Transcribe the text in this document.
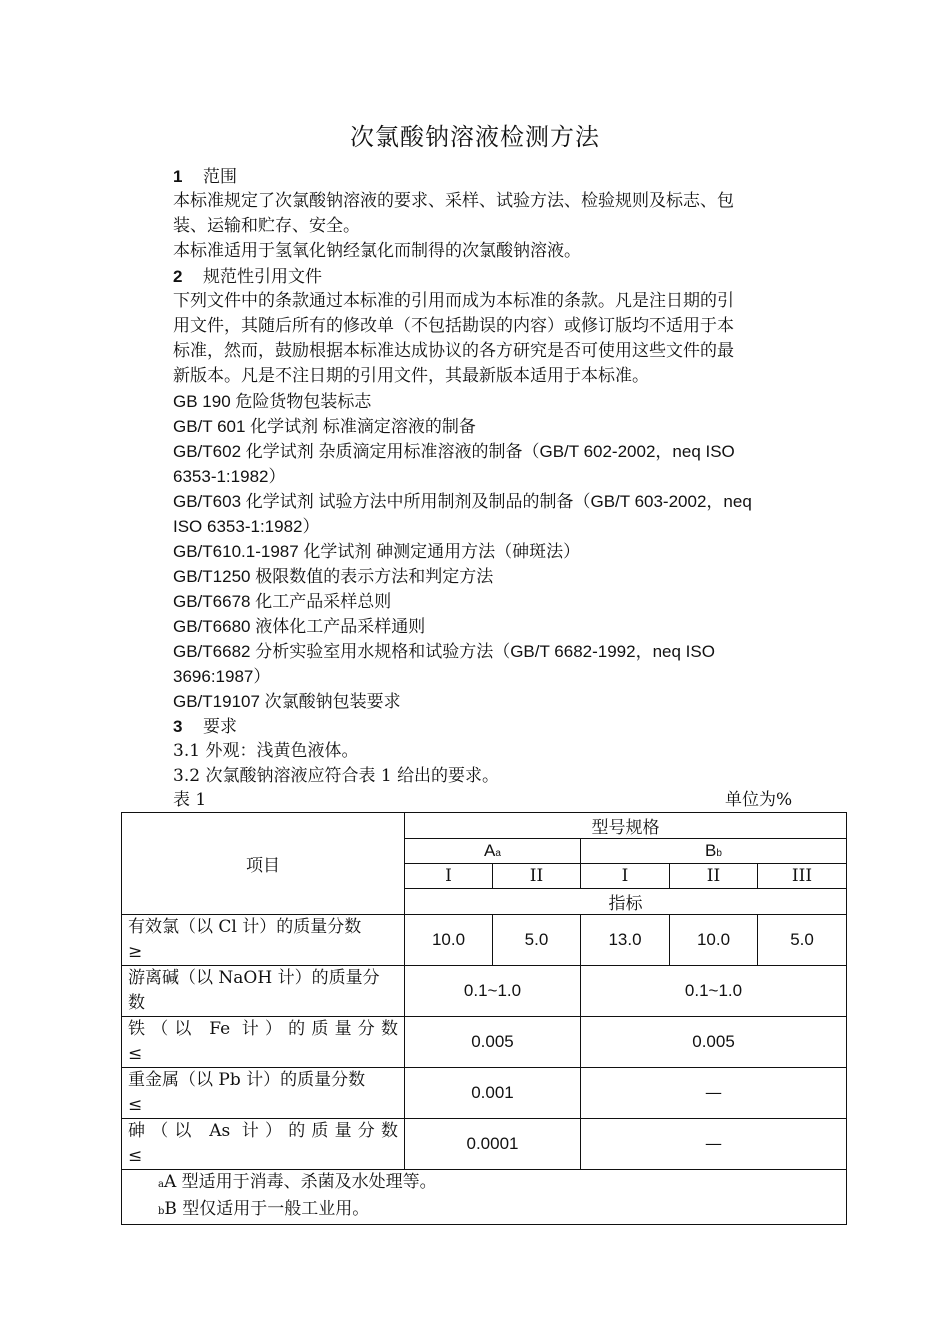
次氯酸钠溶液检测方法
1 范围
本标准规定了次氯酸钠溶液的要求、采样、试验方法、检验规则及标志、包
装、运输和贮存、安全。
本标准适用于氢氧化钠经氯化而制得的次氯酸钠溶液。
2 规范性引用文件
下列文件中的条款通过本标准的引用而成为本标准的条款。凡是注日期的引
用文件，其随后所有的修改单（不包括勘误的内容）或修订版均不适用于本
标准，然而，鼓励根据本标准达成协议的各方研究是否可使用这些文件的最
新版本。凡是不注日期的引用文件，其最新版本适用于本标准。
GB 190 危险货物包装标志
GB/T 601 化学试剂 标准滴定溶液的制备
GB/T602 化学试剂 杂质滴定用标准溶液的制备（GB/T 602-2002，neq ISO
6353-1:1982）
GB/T603 化学试剂 试验方法中所用制剂及制品的制备（GB/T 603-2002，neq
ISO 6353-1:1982）
GB/T610.1-1987 化学试剂 砷测定通用方法（砷斑法）
GB/T1250 极限数值的表示方法和判定方法
GB/T6678 化工产品采样总则
GB/T6680 液体化工产品采样通则
GB/T6682 分析实验室用水规格和试验方法（GB/T 6682-1992，neq ISO
3696:1987）
GB/T19107 次氯酸钠包装要求
3 要求
3.1 外观：浅黄色液体。
3.2 次氯酸钠溶液应符合表 1 给出的要求。
表 1	单位为%
项目	型号规格				
	Aa		Bb		
	I	II	I	II	III
	指标				
有效氯（以 Cl 计）的质量分数
≥	10.0	5.0	13.0	10.0	5.0
游离碱（以 NaOH 计）的质量分
数	0.1~1.0		0.1~1.0		
铁（以 Fe 计）的质量分数
≤	0.005		0.005		
重金属（以 Pb 计）的质量分数
≤	0.001		—		
砷（以 As 计）的质量分数
≤	0.0001		—		

aA 型适用于消毒、杀菌及水处理等。
bB 型仅适用于一般工业用。					
